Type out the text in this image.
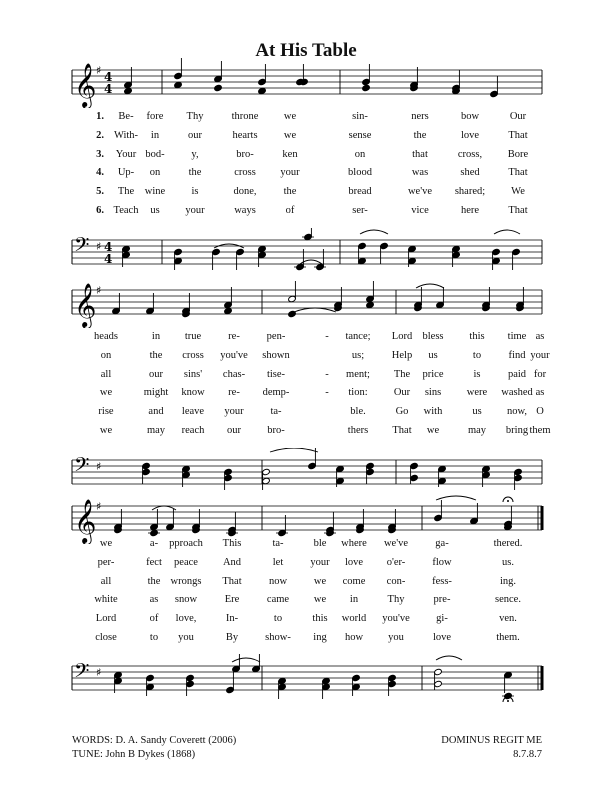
At His Table
𝄞 ♯ 4
4
𝄢 ♯ 4
4
𝄞 ♯
𝄢 ♯
𝄞 ♯
𝄢 ♯
1. Be- fore Thy	throne we	sin-	ners	bow	Our
2. With- in	our	hearts	we	sense	the	love	That
3. Your bod-	y,	bro-	ken	on	that	cross, Bore
4. Up- on	the	cross your	blood	was	shed	That
5. The wine	is	done,	the	bread	we've shared; We
6. Teach us your	ways	of	ser-	vice	here	That
heads	in true	re-	pen-	- tance; Lord bless this time as
on	the cross you've shown	us;	Help us	to	find your
all	our sins' chas- tise-	- ment; The price	is	paid for
we	might know re- demp-	- tion: Our sins were washed as
rise	and leave your	ta-	ble.	Go with	us now, O
we	may reach our	bro-	thers That we	may bring them
we	a- pproach This	ta-	ble where we've	ga-	thered.
per-	fect peace And	let	your love o'er-	flow	us.
all	the wrongs That	now	we come con-	fess-	ing.
white	as snow	Ere	came we in	Thy	pre-	sence.
Lord	of love,	In-	to	this world you've	gi-	ven.
close	to you	By	show- ing how you	love	them.
WORDS: D. A. Sandy Coverett (2006)
TUNE: John B Dykes (1868)
DOMINUS REGIT ME
8.7.8.7
